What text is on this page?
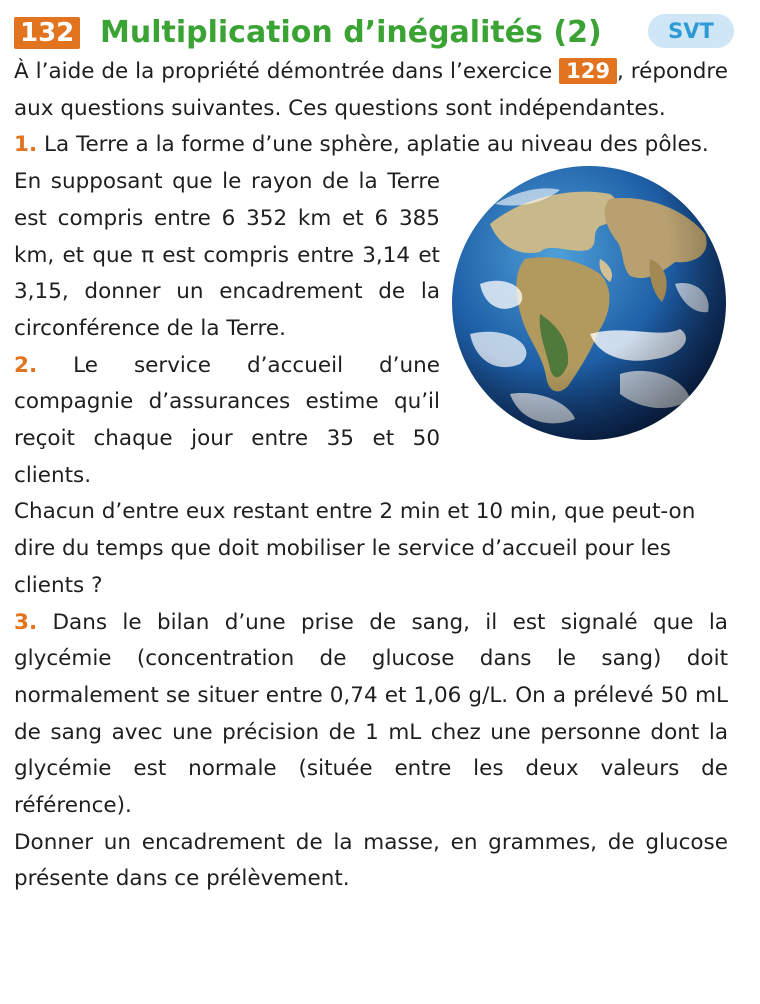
132 Multiplication d’inégalités (2)	SVT

À l’aide de la propriété démontrée dans l’exercice 129 , répondre aux questions suivantes. Ces questions sont indépendantes.

1. La Terre a la forme d’une sphère, aplatie au niveau des pôles.

En supposant que le rayon de la Terre est compris entre 6 352 km et 6 385 km, et que π est compris entre 3,14 et 3,15, donner un encadrement de la circonférence de la Terre.

2. Le service d’accueil d’une compagnie d’assurances estime qu’il reçoit chaque jour entre 35 et 50 clients.

Chacun d’entre eux restant entre 2 min et 10 min, que peut-on dire du temps que doit mobiliser le service d’accueil pour les clients ?

3. Dans le bilan d’une prise de sang, il est signalé que la glycémie (concentration de glucose dans le sang) doit normalement se situer entre 0,74 et 1,06 g/L. On a prélevé 50 mL de sang avec une précision de 1 mL chez une personne dont la glycémie est normale (située entre les deux valeurs de référence).

Donner un encadrement de la masse, en grammes, de glucose présente dans ce prélèvement.
